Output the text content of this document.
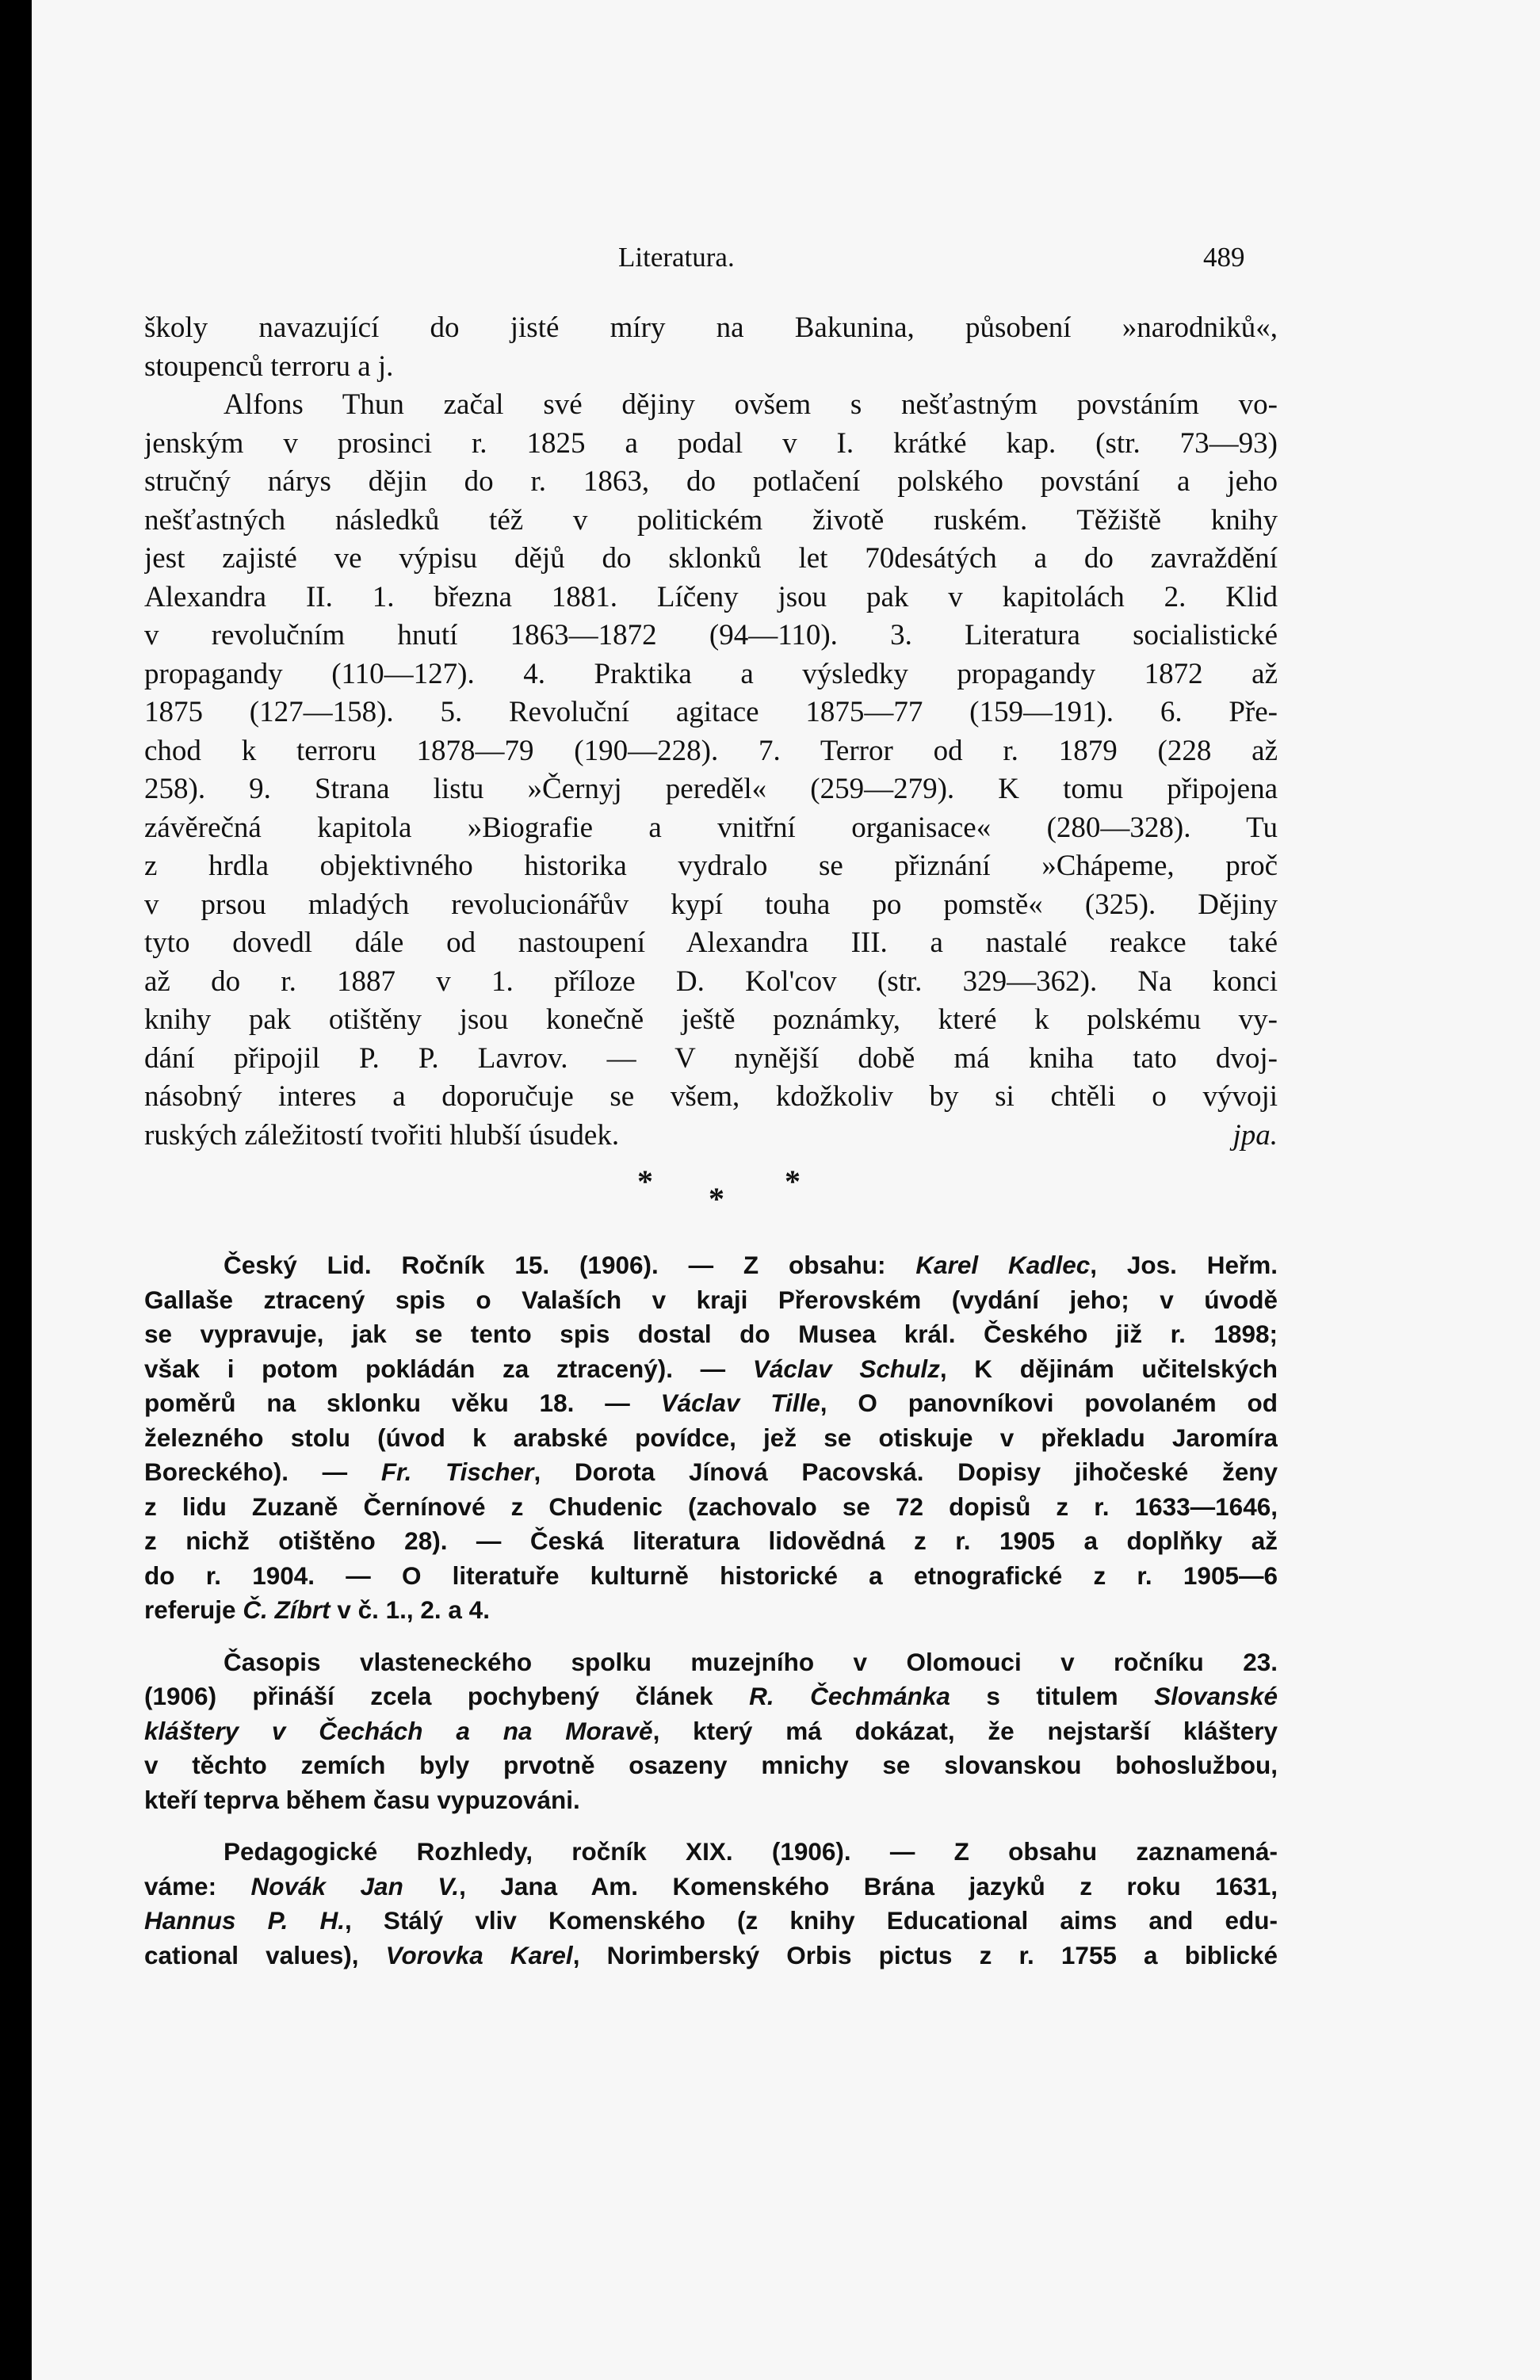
Literatura.	489
školy navazující do jisté míry na Bakunina, působení »narodniků«,
stoupenců terroru a j.
Alfons Thun začal své dějiny ovšem s nešťastným povstáním vo-
jenským v prosinci r. 1825 a podal v I. krátké kap. (str. 73—93)
stručný nárys dějin do r. 1863, do potlačení polského povstání a jeho
nešťastných následků též v politickém životě ruském. Těžiště knihy
jest zajisté ve výpisu dějů do sklonků let 70desátých a do zavraždění
Alexandra II. 1. března 1881. Líčeny jsou pak v kapitolách 2. Klid
v revolučním hnutí 1863—1872 (94—110). 3. Literatura socialistické
propagandy (110—127). 4. Praktika a výsledky propagandy 1872 až
1875 (127—158). 5. Revoluční agitace 1875—77 (159—191). 6. Pře-
chod k terroru 1878—79 (190—228). 7. Terror od r. 1879 (228 až
258). 9. Strana listu »Černyj pereděl« (259—279). K tomu připojena
závěrečná kapitola »Biografie a vnitřní organisace« (280—328). Tu
z hrdla objektivného historika vydralo se přiznání »Chápeme, proč
v prsou mladých revolucionářův kypí touha po pomstě« (325). Dějiny
tyto dovedl dále od nastoupení Alexandra III. a nastalé reakce také
až do r. 1887 v 1. příloze D. Kol'cov (str. 329—362). Na konci
knihy pak otištěny jsou konečně ještě poznámky, které k polskému vy-
dání připojil P. P. Lavrov. — V nynější době má kniha tato dvoj-
násobný interes a doporučuje se všem, kdožkoliv by si chtěli o vývoji
ruských záležitostí tvořiti hlubší úsudek.	jpa.
* * *
Český Lid. Ročník 15. (1906). — Z obsahu: Karel Kadlec, Jos. Heřm.
Gallaše ztracený spis o Valaších v kraji Přerovském (vydání jeho; v úvodě
se vypravuje, jak se tento spis dostal do Musea král. Českého již r. 1898;
však i potom pokládán za ztracený). — Václav Schulz, K dějinám učitelských
poměrů na sklonku věku 18. — Václav Tille, O panovníkovi povolaném od
železného stolu (úvod k arabské povídce, jež se otiskuje v překladu Jaromíra
Boreckého). — Fr. Tischer, Dorota Jínová Pacovská. Dopisy jihočeské ženy
z lidu Zuzaně Černínové z Chudenic (zachovalo se 72 dopisů z r. 1633—1646,
z nichž otištěno 28). — Česká literatura lidovědná z r. 1905 a doplňky až
do r. 1904. — O literatuře kulturně historické a etnografické z r. 1905—6
referuje Č. Zíbrt v č. 1., 2. a 4.
Časopis vlasteneckého spolku muzejního v Olomouci v ročníku 23.
(1906) přináší zcela pochybený článek R. Čechmánka s titulem Slovanské
kláštery v Čechách a na Moravě, který má dokázat, že nejstarší kláštery
v těchto zemích byly prvotně osazeny mnichy se slovanskou bohoslužbou,
kteří teprva během času vypuzováni.
Pedagogické Rozhledy, ročník XIX. (1906). — Z obsahu zaznamená-
váme: Novák Jan V., Jana Am. Komenského Brána jazyků z roku 1631,
Hannus P. H., Stálý vliv Komenského (z knihy Educational aims and edu-
cational values), Vorovka Karel, Norimberský Orbis pictus z r. 1755 a biblické
